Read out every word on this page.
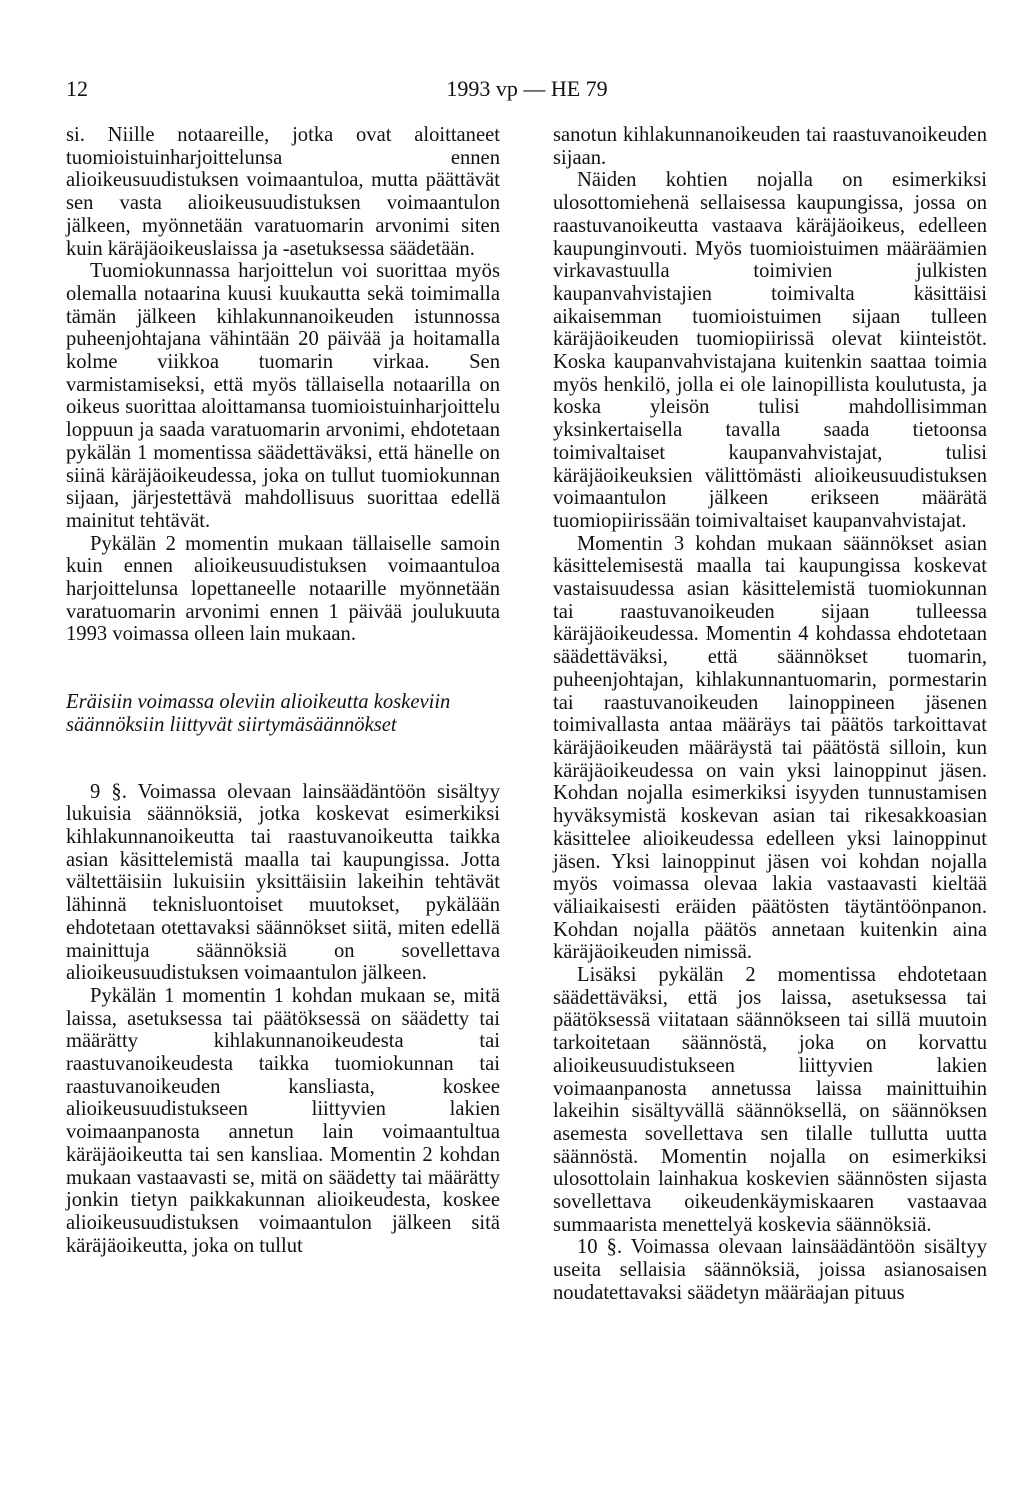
12	1993 vp — HE 79

si. Niille notaareille, jotka ovat aloittaneet tuomioistuinharjoittelunsa ennen alioikeusuudistuksen voimaantuloa, mutta päättävät sen vasta alioikeusuudistuksen voimaantulon jälkeen, myönnetään varatuomarin arvonimi siten kuin käräjäoikeuslaissa ja -asetuksessa säädetään.

Tuomiokunnassa harjoittelun voi suorittaa myös olemalla notaarina kuusi kuukautta sekä toimimalla tämän jälkeen kihlakunnanoikeuden istunnossa puheenjohtajana vähintään 20 päivää ja hoitamalla kolme viikkoa tuomarin virkaa. Sen varmistamiseksi, että myös tällaisella notaarilla on oikeus suorittaa aloittamansa tuomioistuinharjoittelu loppuun ja saada varatuomarin arvonimi, ehdotetaan pykälän 1 momentissa säädettäväksi, että hänelle on siinä käräjäoikeudessa, joka on tullut tuomiokunnan sijaan, järjestettävä mahdollisuus suorittaa edellä mainitut tehtävät.

Pykälän 2 momentin mukaan tällaiselle samoin kuin ennen alioikeusuudistuksen voimaantuloa harjoittelunsa lopettaneelle notaarille myönnetään varatuomarin arvonimi ennen 1 päivää joulukuuta 1993 voimassa olleen lain mukaan.

Eräisiin voimassa oleviin alioikeutta koskeviin säännöksiin liittyvät siirtymäsäännökset

9 §. Voimassa olevaan lainsäädäntöön sisältyy lukuisia säännöksiä, jotka koskevat esimerkiksi kihlakunnanoikeutta tai raastuvanoikeutta taikka asian käsittelemistä maalla tai kaupungissa. Jotta vältettäisiin lukuisiin yksittäisiin lakeihin tehtävät lähinnä teknisluontoiset muutokset, pykälään ehdotetaan otettavaksi säännökset siitä, miten edellä mainittuja säännöksiä on sovellettava alioikeusuudistuksen voimaantulon jälkeen.

Pykälän 1 momentin 1 kohdan mukaan se, mitä laissa, asetuksessa tai päätöksessä on säädetty tai määrätty kihlakunnanoikeudesta tai raastuvanoikeudesta taikka tuomiokunnan tai raastuvanoikeuden kansliasta, koskee alioikeusuudistukseen liittyvien lakien voimaanpanosta annetun lain voimaantultua käräjäoikeutta tai sen kansliaa. Momentin 2 kohdan mukaan vastaavasti se, mitä on säädetty tai määrätty jonkin tietyn paikkakunnan alioikeudesta, koskee alioikeusuudistuksen voimaantulon jälkeen sitä käräjäoikeutta, joka on tullut

sanotun kihlakunnanoikeuden tai raastuvanoikeuden sijaan.

Näiden kohtien nojalla on esimerkiksi ulosottomiehenä sellaisessa kaupungissa, jossa on raastuvanoikeutta vastaava käräjäoikeus, edelleen kaupunginvouti. Myös tuomioistuimen määräämien virkavastuulla toimivien julkisten kaupanvahvistajien toimivalta käsittäisi aikaisemman tuomioistuimen sijaan tulleen käräjäoikeuden tuomiopiirissä olevat kiinteistöt. Koska kaupanvahvistajana kuitenkin saattaa toimia myös henkilö, jolla ei ole lainopillista koulutusta, ja koska yleisön tulisi mahdollisimman yksinkertaisella tavalla saada tietoonsa toimivaltaiset kaupanvahvistajat, tulisi käräjäoikeuksien välittömästi alioikeusuudistuksen voimaantulon jälkeen erikseen määrätä tuomiopiirissään toimivaltaiset kaupanvahvistajat.

Momentin 3 kohdan mukaan säännökset asian käsittelemisestä maalla tai kaupungissa koskevat vastaisuudessa asian käsittelemistä tuomiokunnan tai raastuvanoikeuden sijaan tulleessa käräjäoikeudessa. Momentin 4 kohdassa ehdotetaan säädettäväksi, että säännökset tuomarin, puheenjohtajan, kihlakunnantuomarin, pormestarin tai raastuvanoikeuden lainoppineen jäsenen toimivallasta antaa määräys tai päätös tarkoittavat käräjäoikeuden määräystä tai päätöstä silloin, kun käräjäoikeudessa on vain yksi lainoppinut jäsen. Kohdan nojalla esimerkiksi isyyden tunnustamisen hyväksymistä koskevan asian tai rikesakkoasian käsittelee alioikeudessa edelleen yksi lainoppinut jäsen. Yksi lainoppinut jäsen voi kohdan nojalla myös voimassa olevaa lakia vastaavasti kieltää väliaikaisesti eräiden päätösten täytäntöönpanon. Kohdan nojalla päätös annetaan kuitenkin aina käräjäoikeuden nimissä.

Lisäksi pykälän 2 momentissa ehdotetaan säädettäväksi, että jos laissa, asetuksessa tai päätöksessä viitataan säännökseen tai sillä muutoin tarkoitetaan säännöstä, joka on korvattu alioikeusuudistukseen liittyvien lakien voimaanpanosta annetussa laissa mainittuihin lakeihin sisältyvällä säännöksellä, on säännöksen asemesta sovellettava sen tilalle tullutta uutta säännöstä. Momentin nojalla on esimerkiksi ulosottolain lainhakua koskevien säännösten sijasta sovellettava oikeudenkäymiskaaren vastaavaa summaarista menettelyä koskevia säännöksiä.

10 §. Voimassa olevaan lainsäädäntöön sisältyy useita sellaisia säännöksiä, joissa asianosaisen noudatettavaksi säädetyn määräajan pituus
